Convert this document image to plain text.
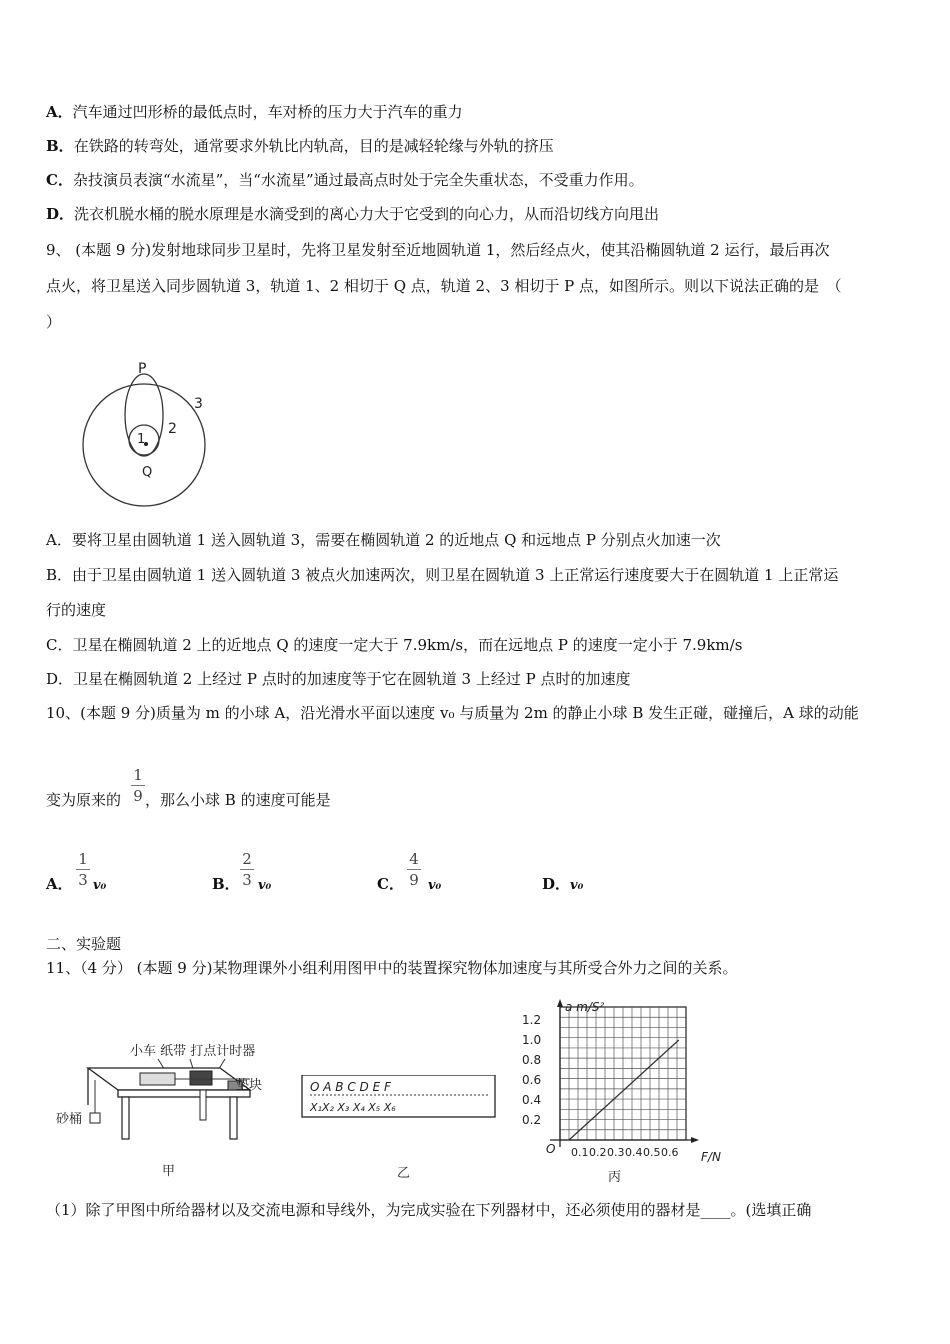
A．汽车通过凹形桥的最低点时，车对桥的压力大于汽车的重力
B．在铁路的转弯处，通常要求外轨比内轨高，目的是减轻轮缘与外轨的挤压
C．杂技演员表演“水流星”，当“水流星”通过最高点时处于完全失重状态，不受重力作用。
D．洗衣机脱水桶的脱水原理是水滴受到的离心力大于它受到的向心力，从而沿切线方向甩出
9、 (本题 9 分)发射地球同步卫星时，先将卫星发射至近地圆轨道 1，然后经点火，使其沿椭圆轨道 2 运行，最后再次
点火，将卫星送入同步圆轨道 3，轨道 1、2 相切于 Q 点，轨道 2、3 相切于 P 点，如图所示。则以下说法正确的是　（
）
P
Q
1
2
3
A．要将卫星由圆轨道 1 送入圆轨道 3，需要在椭圆轨道 2 的近地点 Q 和远地点 P 分别点火加速一次
B．由于卫星由圆轨道 1 送入圆轨道 3 被点火加速两次，则卫星在圆轨道 3 上正常运行速度要大于在圆轨道 1 上正常运
行的速度
C．卫星在椭圆轨道 2 上的近地点 Q 的速度一定大于 7.9km/s，而在远地点 P 的速度一定小于 7.9km/s
D．卫星在椭圆轨道 2 上经过 P 点时的加速度等于它在圆轨道 3 上经过 P 点时的加速度
10、(本题 9 分)质量为 m 的小球 A，沿光滑水平面以速度 v₀ 与质量为 2m 的静止小球 B 发生正碰，碰撞后，A 球的动能
变为原来的 ，那么小球 B 的速度可能是
1
9
A．
1
3 v₀	B．
2
3 v₀	C．
4
9 v₀	D．v₀
二、实验题
11、（4 分） (本题 9 分)某物理课外小组利用图甲中的装置探究物体加速度与其所受合外力之间的关系。
小车 纸带 打点计时器
垫块
砂桶
甲
O A B C D E F
X₁X₂ X₃ X₄ X₅ X₆
乙
0.1 0.2 0.3 0.4 0.5 0.6
0.2
0.4
0.6
0.8
1.0
1.2
a m/S²
F/N
O
丙
（1）除了甲图中所给器材以及交流电源和导线外，为完成实验在下列器材中，还必须使用的器材是____。(选填正确
